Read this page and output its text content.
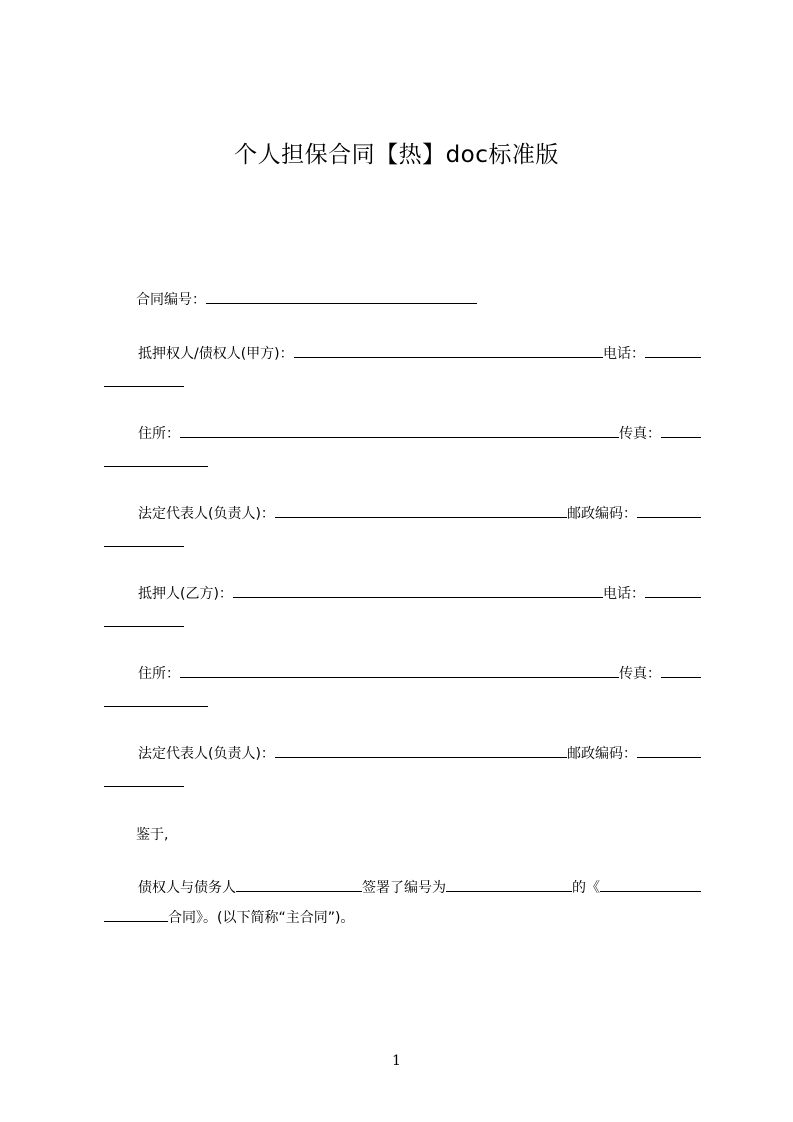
个人担保合同【热】doc标准版
合同编号：
抵押权人/债权人(甲方)：	电话：
住所：	传真：
法定代表人(负责人)：	邮政编码：
抵押人(乙方)：	电话：
住所：	传真：
法定代表人(负责人)：	邮政编码：
鉴于,
债权人与债务人	签署了编号为	的《
合同》。(以下简称“主合同”)。
1
